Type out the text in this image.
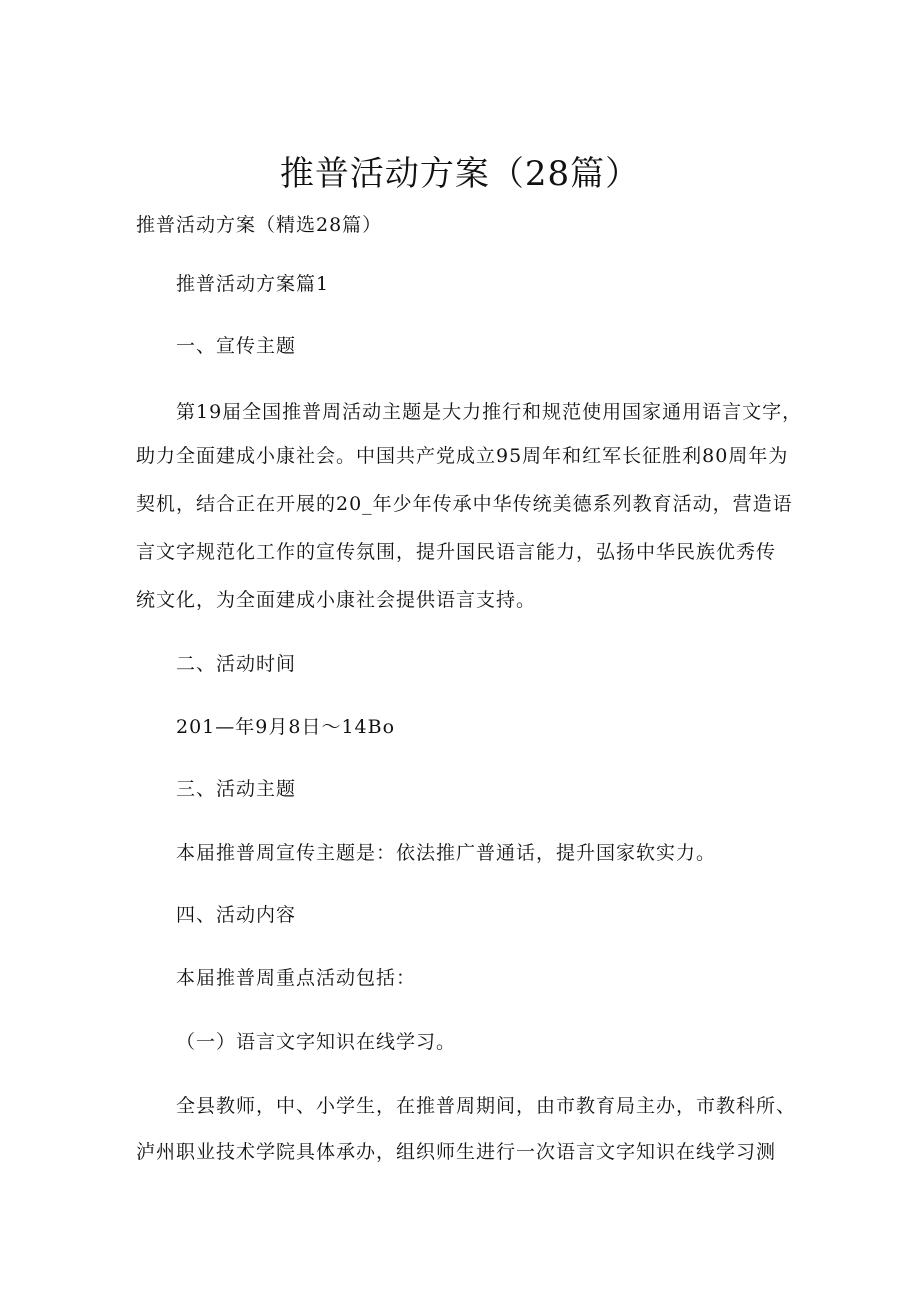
推普活动方案（28篇）
推普活动方案（精选28篇）
推普活动方案篇1
一、宣传主题
第19届全国推普周活动主题是大力推行和规范使用国家通用语言文字，
助力全面建成小康社会。中国共产党成立95周年和红军长征胜利80周年为
契机，结合正在开展的20_年少年传承中华传统美德系列教育活动，营造语
言文字规范化工作的宣传氛围，提升国民语言能力，弘扬中华民族优秀传
统文化，为全面建成小康社会提供语言支持。
二、活动时间
201—年9月8日〜14Bo
三、活动主题
本届推普周宣传主题是：依法推广普通话，提升国家软实力。
四、活动内容
本届推普周重点活动包括：
（一）语言文字知识在线学习。
全县教师，中、小学生，在推普周期间，由市教育局主办，市教科所、
泸州职业技术学院具体承办，组织师生进行一次语言文字知识在线学习测
